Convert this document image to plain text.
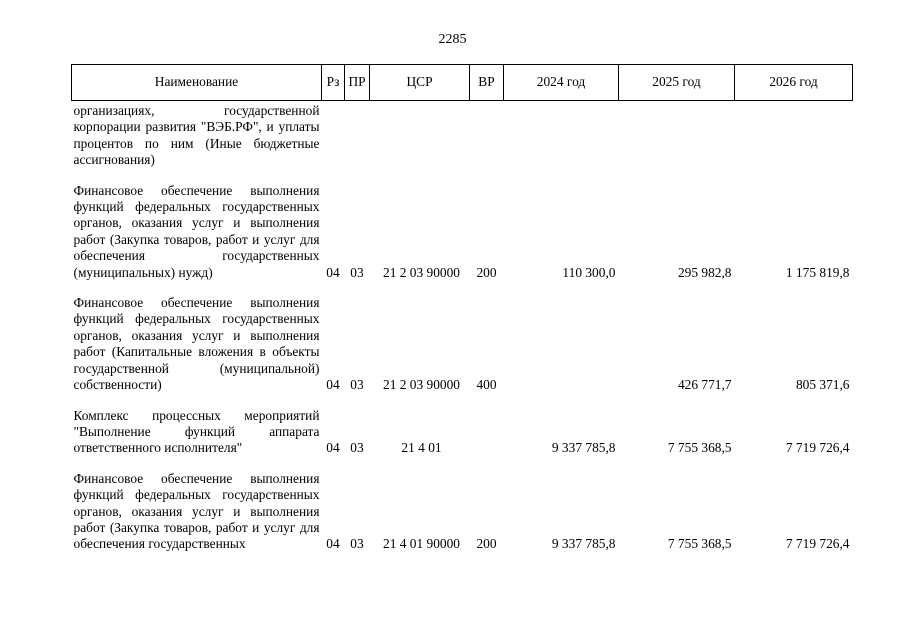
2285
Наименование	Рз	ПР	ЦСР	ВР	2024 год	2025 год	2026 год
организациях, государственной корпорации развития "ВЭБ.РФ", и уплаты процентов по ним (Иные бюджетные ассигнования)							
Финансовое обеспечение выполнения функций федеральных государственных органов, оказания услуг и выполнения работ (Закупка товаров, работ и услуг для обеспечения государственных (муниципальных) нужд)	04	03	21 2 03 90000	200	110 300,0	295 982,8	1 175 819,8
Финансовое обеспечение выполнения функций федеральных государственных органов, оказания услуг и выполнения работ (Капитальные вложения в объекты государственной (муниципальной) собственности)	04	03	21 2 03 90000	400		426 771,7	805 371,6
Комплекс процессных мероприятий "Выполнение функций аппарата ответственного исполнителя"	04	03	21 4 01		9 337 785,8	7 755 368,5	7 719 726,4
Финансовое обеспечение выполнения функций федеральных государственных органов, оказания услуг и выполнения работ (Закупка товаров, работ и услуг для обеспечения государственных	04	03	21 4 01 90000	200	9 337 785,8	7 755 368,5	7 719 726,4
